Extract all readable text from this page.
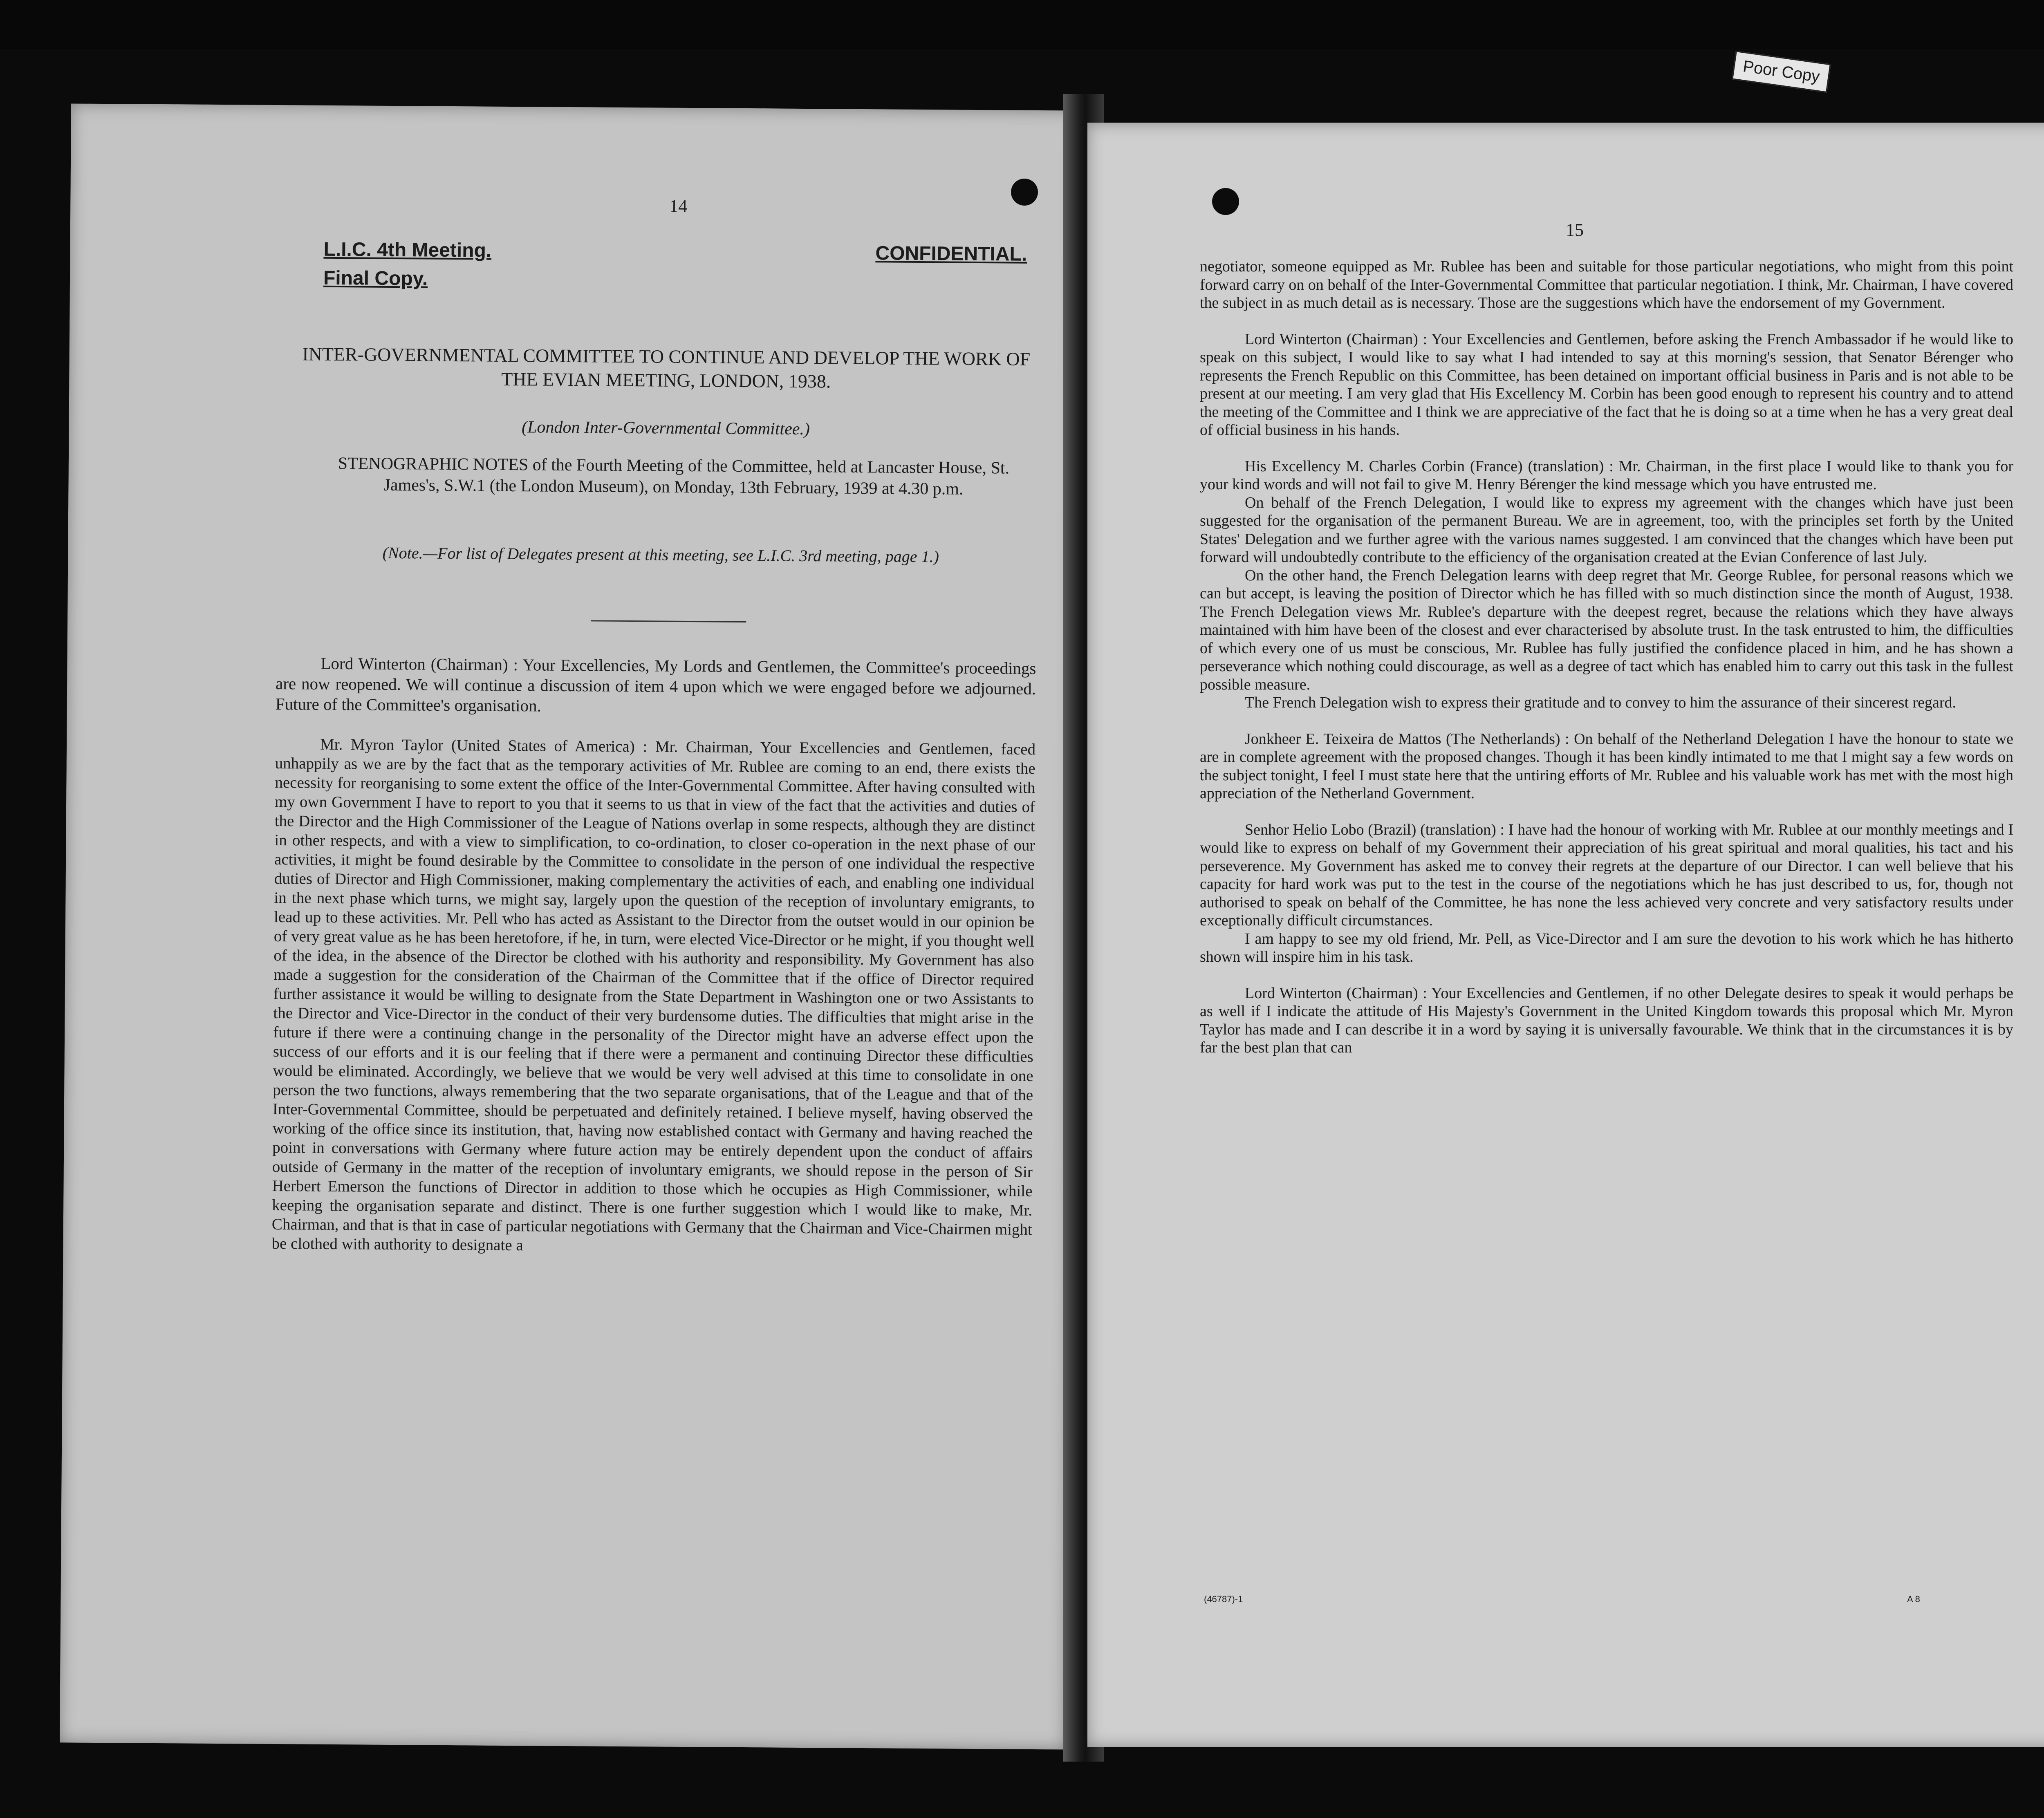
14
L.I.C. 4th Meeting.
Final Copy.
CONFIDENTIAL.
INTER-GOVERNMENTAL COMMITTEE TO CONTINUE AND DEVELOP THE WORK OF THE EVIAN MEETING, LONDON, 1938.
(London Inter-Governmental Committee.)
STENOGRAPHIC NOTES of the Fourth Meeting of the Committee, held at Lancaster House, St. James's, S.W.1 (the London Museum), on Monday, 13th February, 1939 at 4.30 p.m.
(Note.—For list of Delegates present at this meeting, see L.I.C. 3rd meeting, page 1.)

Lord Winterton (Chairman) : Your Excellencies, My Lords and Gentlemen, the Committee's proceedings are now reopened. We will continue a discussion of item 4 upon which we were engaged before we adjourned. Future of the Committee's organisation.

Mr. Myron Taylor (United States of America) : Mr. Chairman, Your Excellencies and Gentlemen, faced unhappily as we are by the fact that as the temporary activities of Mr. Rublee are coming to an end, there exists the necessity for reorganising to some extent the office of the Inter-Governmental Committee. After having consulted with my own Government I have to report to you that it seems to us that in view of the fact that the activities and duties of the Director and the High Commissioner of the League of Nations overlap in some respects, although they are distinct in other respects, and with a view to simplification, to co-ordination, to closer co-operation in the next phase of our activities, it might be found desirable by the Committee to consolidate in the person of one individual the respective duties of Director and High Commissioner, making complementary the activities of each, and enabling one individual in the next phase which turns, we might say, largely upon the question of the reception of involuntary emigrants, to lead up to these activities. Mr. Pell who has acted as Assistant to the Director from the outset would in our opinion be of very great value as he has been heretofore, if he, in turn, were elected Vice-Director or he might, if you thought well of the idea, in the absence of the Director be clothed with his authority and responsibility. My Government has also made a suggestion for the consideration of the Chairman of the Committee that if the office of Director required further assistance it would be willing to designate from the State Department in Washington one or two Assistants to the Director and Vice-Director in the conduct of their very burdensome duties. The difficulties that might arise in the future if there were a continuing change in the personality of the Director might have an adverse effect upon the success of our efforts and it is our feeling that if there were a permanent and continuing Director these difficulties would be eliminated. Accordingly, we believe that we would be very well advised at this time to consolidate in one person the two functions, always remembering that the two separate organisations, that of the League and that of the Inter-Governmental Committee, should be perpetuated and definitely retained. I believe myself, having observed the working of the office since its institution, that, having now established contact with Germany and having reached the point in conversations with Germany where future action may be entirely dependent upon the conduct of affairs outside of Germany in the matter of the reception of involuntary emigrants, we should repose in the person of Sir Herbert Emerson the functions of Director in addition to those which he occupies as High Commissioner, while keeping the organisation separate and distinct. There is one further suggestion which I would like to make, Mr. Chairman, and that is that in case of particular negotiations with Germany that the Chairman and Vice-Chairmen might be clothed with authority to designate a

15

negotiator, someone equipped as Mr. Rublee has been and suitable for those particular negotiations, who might from this point forward carry on on behalf of the Inter-Governmental Committee that particular negotiation. I think, Mr. Chairman, I have covered the subject in as much detail as is necessary. Those are the suggestions which have the endorsement of my Government.

Lord Winterton (Chairman) : Your Excellencies and Gentlemen, before asking the French Ambassador if he would like to speak on this subject, I would like to say what I had intended to say at this morning's session, that Senator Bérenger who represents the French Republic on this Committee, has been detained on important official business in Paris and is not able to be present at our meeting. I am very glad that His Excellency M. Corbin has been good enough to represent his country and to attend the meeting of the Committee and I think we are appreciative of the fact that he is doing so at a time when he has a very great deal of official business in his hands.

His Excellency M. Charles Corbin (France) (translation) : Mr. Chairman, in the first place I would like to thank you for your kind words and will not fail to give M. Henry Bérenger the kind message which you have entrusted me.

On behalf of the French Delegation, I would like to express my agreement with the changes which have just been suggested for the organisation of the permanent Bureau. We are in agreement, too, with the principles set forth by the United States' Delegation and we further agree with the various names suggested. I am convinced that the changes which have been put forward will undoubtedly contribute to the efficiency of the organisation created at the Evian Conference of last July.

On the other hand, the French Delegation learns with deep regret that Mr. George Rublee, for personal reasons which we can but accept, is leaving the position of Director which he has filled with so much distinction since the month of August, 1938. The French Delegation views Mr. Rublee's departure with the deepest regret, because the relations which they have always maintained with him have been of the closest and ever characterised by absolute trust. In the task entrusted to him, the difficulties of which every one of us must be conscious, Mr. Rublee has fully justified the confidence placed in him, and he has shown a perseverance which nothing could discourage, as well as a degree of tact which has enabled him to carry out this task in the fullest possible measure.

The French Delegation wish to express their gratitude and to convey to him the assurance of their sincerest regard.

Jonkheer E. Teixeira de Mattos (The Netherlands) : On behalf of the Netherland Delegation I have the honour to state we are in complete agreement with the proposed changes. Though it has been kindly intimated to me that I might say a few words on the subject tonight, I feel I must state here that the untiring efforts of Mr. Rublee and his valuable work has met with the most high appreciation of the Netherland Government.

Senhor Helio Lobo (Brazil) (translation) : I have had the honour of working with Mr. Rublee at our monthly meetings and I would like to express on behalf of my Government their appreciation of his great spiritual and moral qualities, his tact and his perseverence. My Government has asked me to convey their regrets at the departure of our Director. I can well believe that his capacity for hard work was put to the test in the course of the negotiations which he has just described to us, for, though not authorised to speak on behalf of the Committee, he has none the less achieved very concrete and very satisfactory results under exceptionally difficult circumstances.

I am happy to see my old friend, Mr. Pell, as Vice-Director and I am sure the devotion to his work which he has hitherto shown will inspire him in his task.

Lord Winterton (Chairman) : Your Excellencies and Gentlemen, if no other Delegate desires to speak it would perhaps be as well if I indicate the attitude of His Majesty's Government in the United Kingdom towards this proposal which Mr. Myron Taylor has made and I can describe it in a word by saying it is universally favourable. We think that in the circumstances it is by far the best plan that can

(46787)-1	A 8
Poor Copy
